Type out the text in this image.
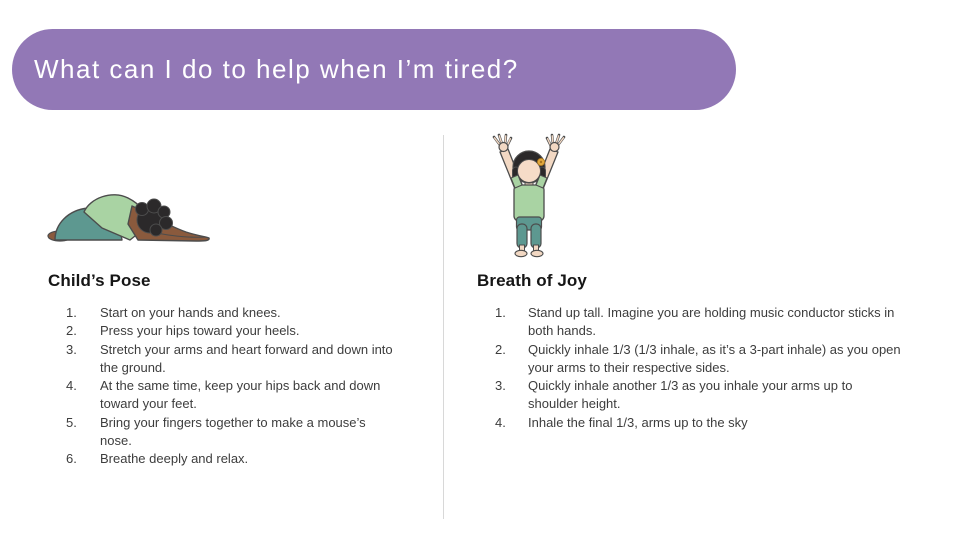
What can I do to help when I’m tired?
Child’s Pose	Breath of Joy
1.	Start on your hands and knees.
2.	Press your hips toward your heels.
3.	Stretch your arms and heart forward and down into the ground.
4.	At the same time, keep your hips back and down toward your feet.
5.	Bring your fingers together to make a mouse’s nose.
6.	Breathe deeply and relax.
1.	Stand up tall. Imagine you are holding music conductor sticks in both hands.
2.	Quickly inhale 1/3 (1/3 inhale, as it’s a 3-part inhale) as you open your arms to their respective sides.
3.	Quickly inhale another 1/3 as you inhale your arms up to shoulder height.
4.	Inhale the final 1/3, arms up to the sky
